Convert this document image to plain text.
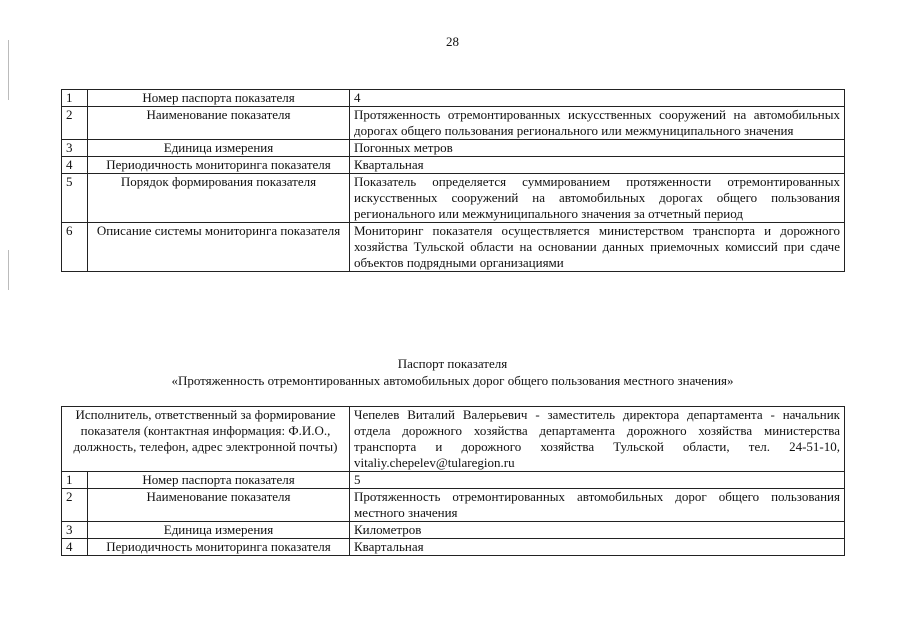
28
1	Номер паспорта показателя	4
2	Наименование показателя	Протяженность отремонтированных искусственных сооружений на автомобильных дорогах общего пользования регионального или межмуниципального значения
3	Единица измерения	Погонных метров
4	Периодичность мониторинга показателя	Квартальная
5	Порядок формирования показателя	Показатель определяется суммированием протяженности отремонтированных искусственных сооружений на автомобильных дорогах общего пользования регионального или межмуниципального значения за отчетный период
6	Описание системы мониторинга показателя	Мониторинг показателя осуществляется министерством транспорта и дорожного хозяйства Тульской области на основании данных приемочных комиссий при сдаче объектов подрядными организациями
Паспорт показателя
«Протяженность отремонтированных автомобильных дорог общего пользования местного значения»
Исполнитель, ответственный за формирование показателя (контактная информация: Ф.И.О., должность, телефон, адрес электронной почты)		Чепелев Виталий Валерьевич - заместитель директора департамента - начальник отдела дорожного хозяйства департамента дорожного хозяйства министерства транспорта и дорожного хозяйства Тульской области, тел. 24-51-10, vitaliy.chepelev@tularegion.ru
1	Номер паспорта показателя	5
2	Наименование показателя	Протяженность отремонтированных автомобильных дорог общего пользования местного значения
3	Единица измерения	Километров
4	Периодичность мониторинга показателя	Квартальная
